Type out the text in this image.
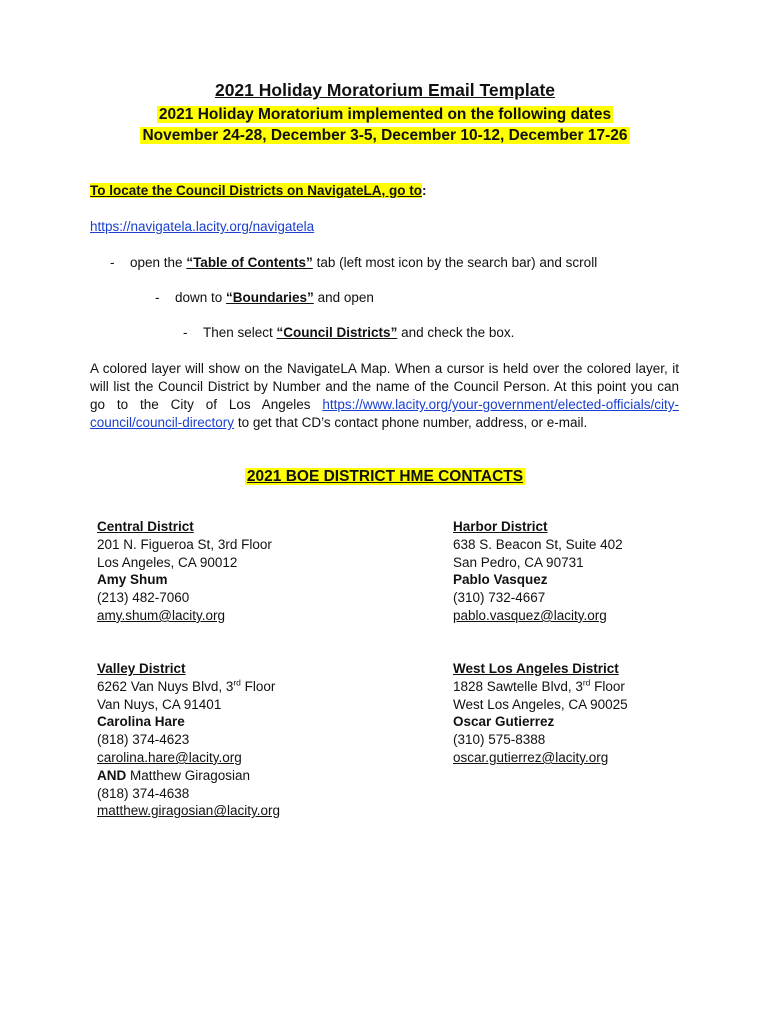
2021 Holiday Moratorium Email Template
2021 Holiday Moratorium implemented on the following dates
November 24-28, December 3-5, December 10-12, December 17-26
To locate the Council Districts on NavigateLA, go to:
https://navigatela.lacity.org/navigatela
- open the “Table of Contents” tab (left most icon by the search bar) and scroll
- down to “Boundaries” and open
- Then select “Council Districts” and check the box.
A colored layer will show on the NavigateLA Map. When a cursor is held over the colored layer, it will list the Council District by Number and the name of the Council Person. At this point you can go to the City of Los Angeles https://www.lacity.org/your-government/elected-officials/city-council/council-directory to get that CD’s contact phone number, address, or e-mail.
2021 BOE DISTRICT HME CONTACTS
Central District
201 N. Figueroa St, 3rd Floor
Los Angeles, CA 90012
Amy Shum
(213) 482-7060
amy.shum@lacity.org
Harbor District
638 S. Beacon St, Suite 402
San Pedro, CA 90731
Pablo Vasquez
(310) 732-4667
pablo.vasquez@lacity.org
Valley District
6262 Van Nuys Blvd, 3rd Floor
Van Nuys, CA 91401
Carolina Hare
(818) 374-4623
carolina.hare@lacity.org
AND Matthew Giragosian
(818) 374-4638
matthew.giragosian@lacity.org
West Los Angeles District
1828 Sawtelle Blvd, 3rd Floor
West Los Angeles, CA 90025
Oscar Gutierrez
(310) 575-8388
oscar.gutierrez@lacity.org
